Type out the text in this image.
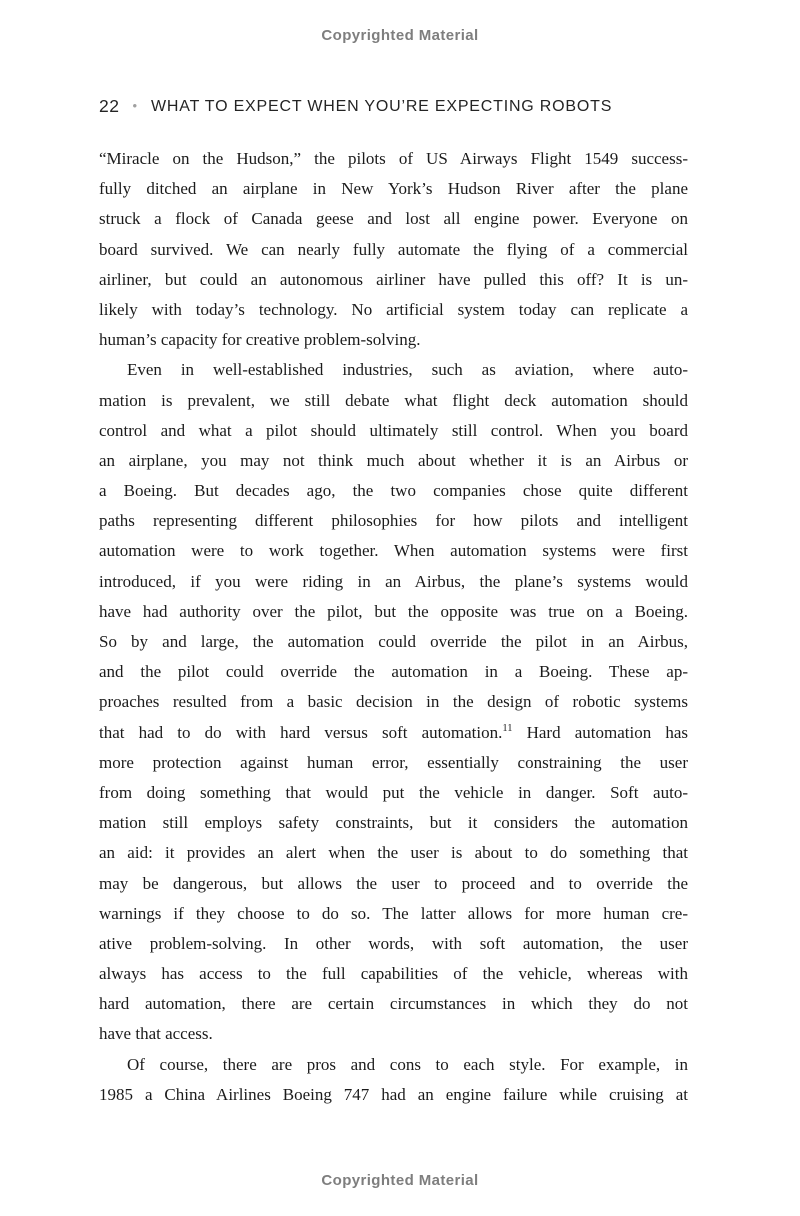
Copyrighted Material
22 • WHAT TO EXPECT WHEN YOU’RE EXPECTING ROBOTS
“Miracle on the Hudson,” the pilots of US Airways Flight 1549 success-
fully ditched an airplane in New York’s Hudson River after the plane
struck a flock of Canada geese and lost all engine power. Everyone on
board survived. We can nearly fully automate the flying of a commercial
airliner, but could an autonomous airliner have pulled this off? It is un-
likely with today’s technology. No artificial system today can replicate a
human’s capacity for creative problem-solving.
Even in well-established industries, such as aviation, where auto-
mation is prevalent, we still debate what flight deck automation should
control and what a pilot should ultimately still control. When you board
an airplane, you may not think much about whether it is an Airbus or
a Boeing. But decades ago, the two companies chose quite different
paths representing different philosophies for how pilots and intelligent
automation were to work together. When automation systems were first
introduced, if you were riding in an Airbus, the plane’s systems would
have had authority over the pilot, but the opposite was true on a Boeing.
So by and large, the automation could override the pilot in an Airbus,
and the pilot could override the automation in a Boeing. These ap-
proaches resulted from a basic decision in the design of robotic systems
that had to do with hard versus soft automation.$^{11}$ Hard automation has
more protection against human error, essentially constraining the user
from doing something that would put the vehicle in danger. Soft auto-
mation still employs safety constraints, but it considers the automation
an aid: it provides an alert when the user is about to do something that
may be dangerous, but allows the user to proceed and to override the
warnings if they choose to do so. The latter allows for more human cre-
ative problem-solving. In other words, with soft automation, the user
always has access to the full capabilities of the vehicle, whereas with
hard automation, there are certain circumstances in which they do not
have that access.
Of course, there are pros and cons to each style. For example, in
1985 a China Airlines Boeing 747 had an engine failure while cruising at
Copyrighted Material
